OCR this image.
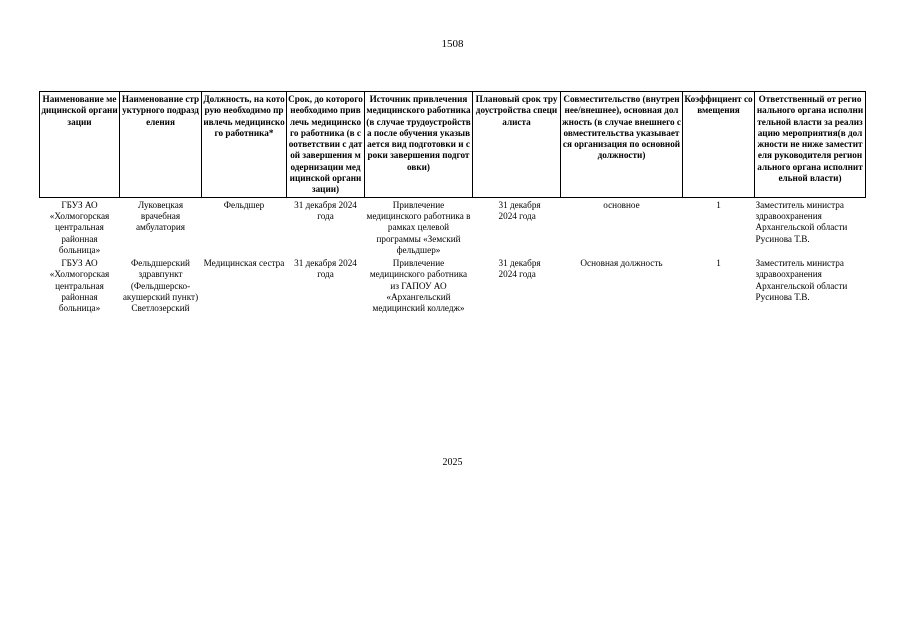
1508
Наименование медицинской организации	Наименование структурного подразделения	Должность, на которую необходимо привлечь медицинского работника*	Срок, до которого необходимо привлечь медицинского работника (в соответствии с датой завершения модернизации медицинской организации)	Источник привлечения медицинского работника (в случае трудоустройства после обучения указывается вид подготовки и сроки завершения подготовки)	Плановый срок трудоустройства специалиста	Совместительство (внутреннее/внешнее), основная должность (в случае внешнего совместительства указывается организация по основной должности)	Коэффициент совмещения	Ответственный от регионального органа исполнительной власти за реализацию мероприятия(в должности не ниже заместителя руководителя регионального органа исполнительной власти)
ГБУЗ АО «Холмогорская центральная районная больница»	Луковецкая врачебная амбулатория	Фельдшер	31 декабря 2024 года	Привлечение медицинского работника в рамках целевой программы «Земский фельдшер»	31 декабря 2024 года	основное	1	Заместитель министра здравоохранения Архангельской области Русинова Т.В.
ГБУЗ АО «Холмогорская центральная районная больница»	Фельдшерский здравпункт (Фельдшерско-акушерский пункт) Светлозерский	Медицинская сестра	31 декабря 2024 года	Привлечение медицинского работника из ГАПОУ АО «Архангельский медицинский колледж»	31 декабря 2024 года	Основная должность	1	Заместитель министра здравоохранения Архангельской области Русинова Т.В.
2025
